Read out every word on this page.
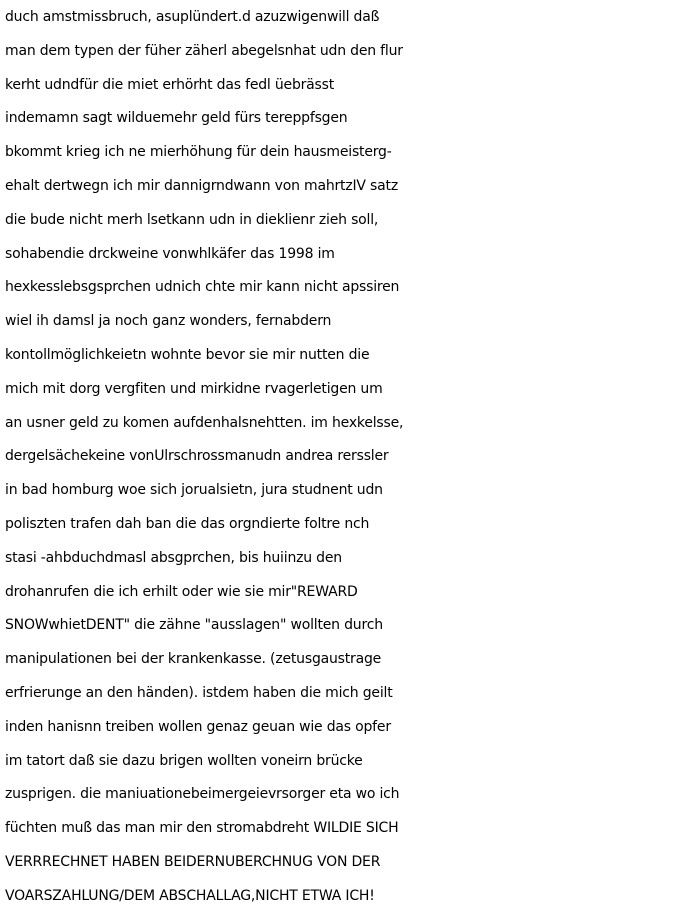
duch amstmissbruch, asuplündert.d azuzwigenwill daß
man dem typen der füher zäherl abegelsnhat udn den flur
kerht udndfür die miet erhörht das fedl üebrässt
indemamn sagt wilduemehr geld fürs tereppfsgen
bkommt krieg ich ne mierhöhung für dein hausmeisterg-
ehalt dertwegn ich mir dannigrndwann von mahrtzIV satz
die bude nicht merh lsetkann udn in dieklienr zieh soll,
sohabendie drckweine vonwhlkäfer das 1998 im
hexkesslebsgsprchen udnich chte mir kann nicht apssiren
wiel ih damsl ja noch ganz wonders, fernabdern
kontollmöglichkeietn wohnte bevor sie mir nutten die
mich mit dorg vergfiten und mirkidne rvagerletigen um
an usner geld zu komen aufdenhalsnehtten. im hexkelsse,
dergelsächekeine vonUlrschrossmanudn andrea rerssler
in bad homburg woe sich jorualsietn, jura studnent udn
poliszten trafen dah ban die das orgndierte foltre nch
stasi -ahbduchdmasl absgprchen, bis huiinzu den
drohanrufen die ich erhilt oder wie sie mir"REWARD
SNOWwhietDENT" die zähne "ausslagen" wollten durch
manipulationen bei der krankenkasse. (zetusgaustrage
erfrierunge an den händen). istdem haben die mich geilt
inden hanisnn treiben wollen genaz geuan wie das opfer
im tatort daß sie dazu brigen wollten voneirn brücke
zusprigen. die maniuationebeimergeievrsorger eta wo ich
füchten muß das man mir den stromabdreht WILDIE SICH
VERRRECHNET HABEN BEIDERNUBERCHNUG VON DER
VOARSZAHLUNG/DEM ABSCHALLAG,NICHT ETWA ICH!
